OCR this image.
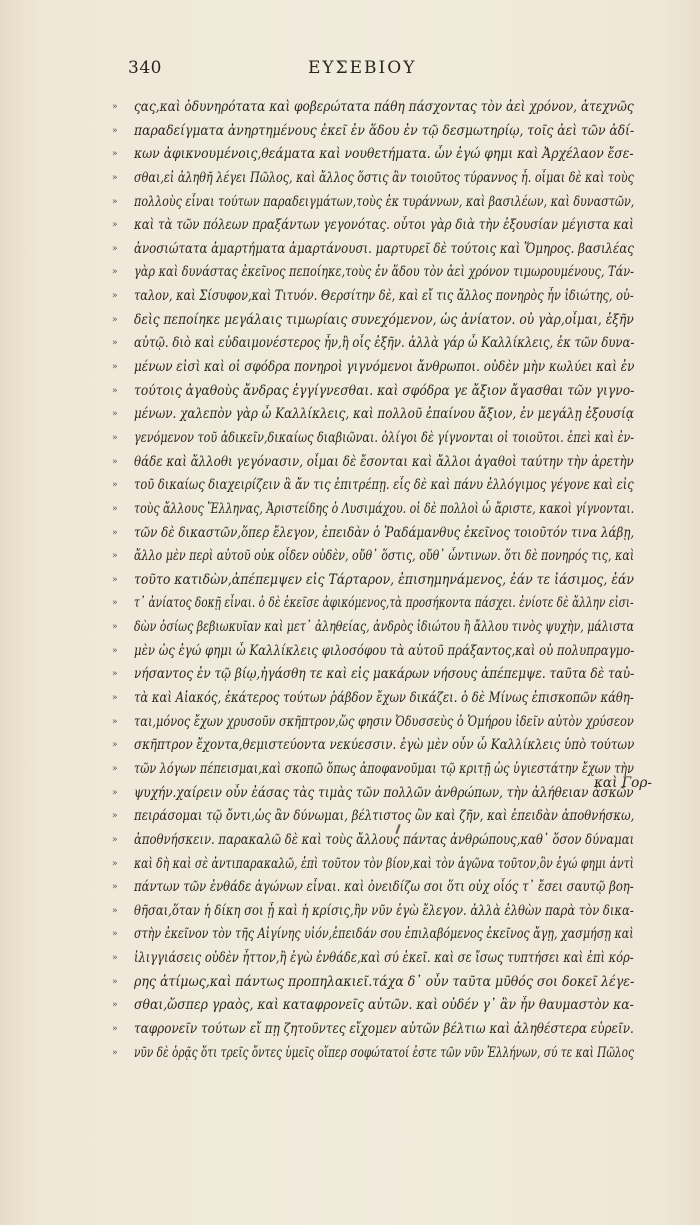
340	ΕΥΣΕΒΙΟΥ
» ςας,καὶ ὀδυνηρότατα καὶ φοβερώτατα πάθη πάσχοντας τὸν ἀεὶ χρόνον, ἀτεχνῶς
» παραδείγματα ἀνηρτημένους ἐκεῖ ἐν ἅδου ἐν τῷ δεσμωτηρίῳ, τοῖς ἀεὶ τῶν ἀδί-
» κων ἀφικνουμένοις,θεάματα καὶ νουθετήματα. ὧν ἐγώ φημι καὶ Ἀρχέλαον ἔσε-
» σθαι,εἰ ἀληθῆ λέγει Πῶλος, καὶ ἄλλος ὅστις ἂν τοιοῦτος τύραννος ἦ. οἶμαι δὲ καὶ τοὺς
» πολλοὺς εἶναι τούτων παραδειγμάτων,τοὺς ἐκ τυράννων, καὶ βασιλέων, καὶ δυναστῶν,
» καὶ τὰ τῶν πόλεων πραξάντων γεγονότας. οὗτοι γὰρ διὰ τὴν ἐξουσίαν μέγιστα καὶ
» ἀνοσιώτατα ἁμαρτήματα ἁμαρτάνουσι. μαρτυρεῖ δὲ τούτοις καὶ Ὅμηρος. βασιλέας
» γὰρ καὶ δυνάστας ἐκεῖνος πεποίηκε,τοὺς ἐν ἅδου τὸν ἀεὶ χρόνον τιμωρουμένους, Τάν-
» ταλον, καὶ Σίσυφον,καὶ Τιτυόν. Θερσίτην δὲ, καὶ εἴ τις ἄλλος πονηρὸς ἦν ἰδιώτης, οὐ-
» δεὶς πεποίηκε μεγάλαις τιμωρίαις συνεχόμενον, ὡς ἀνίατον. οὐ γὰρ,οἶμαι, ἐξῆν
» αὐτῷ. διὸ καὶ εὐδαιμονέστερος ἦν,ἢ οἷς ἐξῆν. ἀλλὰ γάρ ὦ Καλλίκλεις, ἐκ τῶν δυνα-
» μένων εἰσὶ καὶ οἱ σφόδρα πονηροὶ γιγνόμενοι ἄνθρωποι. οὐδὲν μὴν κωλύει καὶ ἐν
» τούτοις ἀγαθοὺς ἄνδρας ἐγγίγνεσθαι. καὶ σφόδρα γε ἄξιον ἄγασθαι τῶν γιγνο-
» μένων. χαλεπὸν γὰρ ὦ Καλλίκλεις, καὶ πολλοῦ ἐπαίνου ἄξιον, ἐν μεγάλῃ ἐξουσίᾳ
» γενόμενον τοῦ ἀδικεῖν,δικαίως διαβιῶναι. ὀλίγοι δὲ γίγνονται οἱ τοιοῦτοι. ἐπεὶ καὶ ἐν-
» θάδε καὶ ἄλλοθι γεγόνασιν, οἶμαι δὲ ἔσονται καὶ ἄλλοι ἀγαθοὶ ταύτην τὴν ἀρετὴν
» τοῦ δικαίως διαχειρίζειν ἃ ἄν τις ἐπιτρέπῃ. εἷς δὲ καὶ πάνυ ἐλλόγιμος γέγονε καὶ εἰς
» τοὺς ἄλλους Ἕλληνας, Ἀριστείδης ὁ Λυσιμάχου. οἱ δὲ πολλοὶ ὦ ἄριστε, κακοὶ γίγνονται.
» τῶν δὲ δικαστῶν,ὅπερ ἔλεγον, ἐπειδὰν ὁ Ῥαδάμανθυς ἐκεῖνος τοιοῦτόν τινα λάβῃ,
» ἄλλο μὲν περὶ αὐτοῦ οὐκ οἶδεν οὐδὲν, οὔθ᾽ ὅστις, οὔθ᾽ ὧντινων. ὅτι δὲ πονηρός τις, καὶ
» τοῦτο κατιδὼν,ἀπέπεμψεν εἰς Τάρταρον, ἐπισημηνάμενος, ἐάν τε ἰάσιμος, ἐάν
» τ᾽ ἀνίατος δοκῇ εἶναι. ὁ δὲ ἐκεῖσε ἀφικόμενος,τὰ προσήκοντα πάσχει. ἐνίοτε δὲ ἄλλην εἰσι-
» δὼν ὁσίως βεβιωκυῖαν καὶ μετ᾽ ἀληθείας, ἀνδρὸς ἰδιώτου ἢ ἄλλου τινὸς ψυχὴν, μάλιστα
» μὲν ὡς ἐγώ φημι ὦ Καλλίκλεις φιλοσόφου τὰ αὑτοῦ πράξαντος,καὶ οὐ πολυπραγμο-
» νήσαντος ἐν τῷ βίῳ,ἠγάσθη τε καὶ εἰς μακάρων νήσους ἀπέπεμψε. ταῦτα δὲ ταὐ-
» τὰ καὶ Αἰακός, ἑκάτερος τούτων ῥάβδον ἔχων δικάζει. ὁ δὲ Μίνως ἐπισκοπῶν κάθη-
» ται,μόνος ἔχων χρυσοῦν σκῆπτρον,ὥς φησιν Ὀδυσσεὺς ὁ Ὁμήρου ἰδεῖν αὐτὸν χρύσεον
» σκῆπτρον ἔχοντα,θεμιστεύοντα νεκύεσσιν. ἐγὼ μὲν οὖν ὦ Καλλίκλεις ὑπὸ τούτων
» τῶν λόγων πέπεισμαι,καὶ σκοπῶ ὅπως ἀποφανοῦμαι τῷ κριτῇ ὡς ὑγιεστάτην ἔχων τὴν
» ψυχήν.χαίρειν οὖν ἐάσας τὰς τιμὰς τῶν πολλῶν ἀνθρώπων, τὴν ἀλήθειαν ἀσκῶν
» πειράσομαι τῷ ὄντι,ὡς ἂν δύνωμαι, βέλτιστος ὢν καὶ ζῆν, καὶ ἐπειδὰν ἀποθνήσκω,
» ἀποθνήσκειν. παρακαλῶ δὲ καὶ τοὺς ἄλλους πάντας ἀνθρώπους,καθ᾽ ὅσον δύναμαι
» καὶ δὴ καὶ σὲ ἀντιπαρακαλῶ, ἐπὶ τοῦτον τὸν βίον,καὶ τὸν ἀγῶνα τοῦτον,ὃν ἐγώ φημι ἀντὶ
» πάντων τῶν ἐνθάδε ἀγώνων εἶναι. καὶ ὀνειδίζω σοι ὅτι οὐχ οἷός τ᾽ ἔσει σαυτῷ βοη-
» θῆσαι,ὅταν ἡ δίκη σοι ᾖ καὶ ἡ κρίσις,ἣν νῦν ἐγὼ ἔλεγον. ἀλλὰ ἐλθὼν παρὰ τὸν δικα-
» στὴν ἐκεῖνον τὸν τῆς Αἰγίνης υἱόν,ἐπειδάν σου ἐπιλαβόμενος ἐκεῖνος ἄγῃ, χασμήσῃ καὶ
» ἰλιγγιάσεις οὐδὲν ἧττον,ἢ ἐγὼ ἐνθάδε,καὶ σύ ἐκεῖ. καὶ σε ἴσως τυπτήσει καὶ ἐπὶ κόρ-
» ρης ἀτίμως,καὶ πάντως προπηλακιεῖ.τάχα δ᾽ οὖν ταῦτα μῦθός σοι δοκεῖ λέγε-
» σθαι,ὥσπερ γραὸς, καὶ καταφρονεῖς αὐτῶν. καὶ οὐδέν γ᾽ ἂν ἦν θαυμαστὸν κα-
» ταφρονεῖν τούτων εἴ πῃ ζητοῦντες εἴχομεν αὐτῶν βέλτιω καὶ ἀληθέστερα εὑρεῖν.
» νῦν δὲ ὁρᾷς ὅτι τρεῖς ὄντες ὑμεῖς οἵπερ σοφώτατοί ἐστε τῶν νῦν Ἑλλήνων, σύ τε καὶ Πῶλος
καὶ Γορ-
